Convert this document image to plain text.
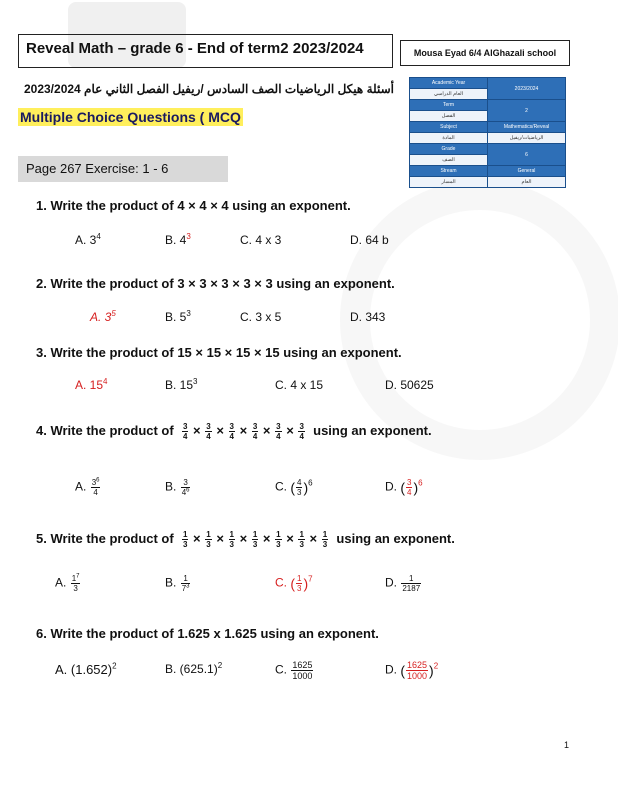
Reveal Math – grade 6 - End of term2 2023/2024	Mousa Eyad 6/4 AlGhazali school
أسئلة هيكل الرياضيات الصف السادس /ريفيل الفصل الثاني عام 2023/2024
Multiple Choice Questions ( MCQ
Page 267 Exercise: 1 - 6
Academic Year	2023/2024
العام الدراسي	
Term	2
الفصل	
Subject	Mathematics/Reveal
المادة	الرياضيات/ريفيل
Grade	6
الصف	
Stream	General
المسار	العام
1. Write the product of 4 × 4 × 4 using an exponent.
A. $3^4$	B. $4^3$	C. 4 x 3	D. 64 b
2. Write the product of 3 × 3 × 3 × 3 × 3 using an exponent.
A. $3^5$	B. $5^3$	C. 3 x 5	D. 343
3. Write the product of 15 × 15 × 15 × 15 using an exponent.
A. $15^4$	B. $15^3$	C. 4 x 15	D. 50625
4. Write the product of $\frac{3}{4} \times \frac{3}{4} \times \frac{3}{4} \times \frac{3}{4} \times \frac{3}{4} \times \frac{3}{4}$ using an exponent.
A. $\frac{3^6}{4}$	B. $\frac{3}{4^6}$	C. ( $\frac{4}{3} )^6$	D. ( $\frac{3}{4} )^6$
5. Write the product of $\frac{1}{3} \times \frac{1}{3} \times \frac{1}{3} \times \frac{1}{3} \times \frac{1}{3} \times \frac{1}{3} \times \frac{1}{3}$ using an exponent.
A. $\frac{1^7}{3}$	B. $\frac{1}{7^3}$	C. ( $\frac{1}{3} )^7$	D. $\frac{1}{2187}$
6. Write the product of 1.625 x 1.625 using an exponent.
A. $(1.652)^2$	B. $(625.1)^2$	C. $\frac{1625}{1000}$	D. ( $\frac{1625}{1000} )^2$
1
